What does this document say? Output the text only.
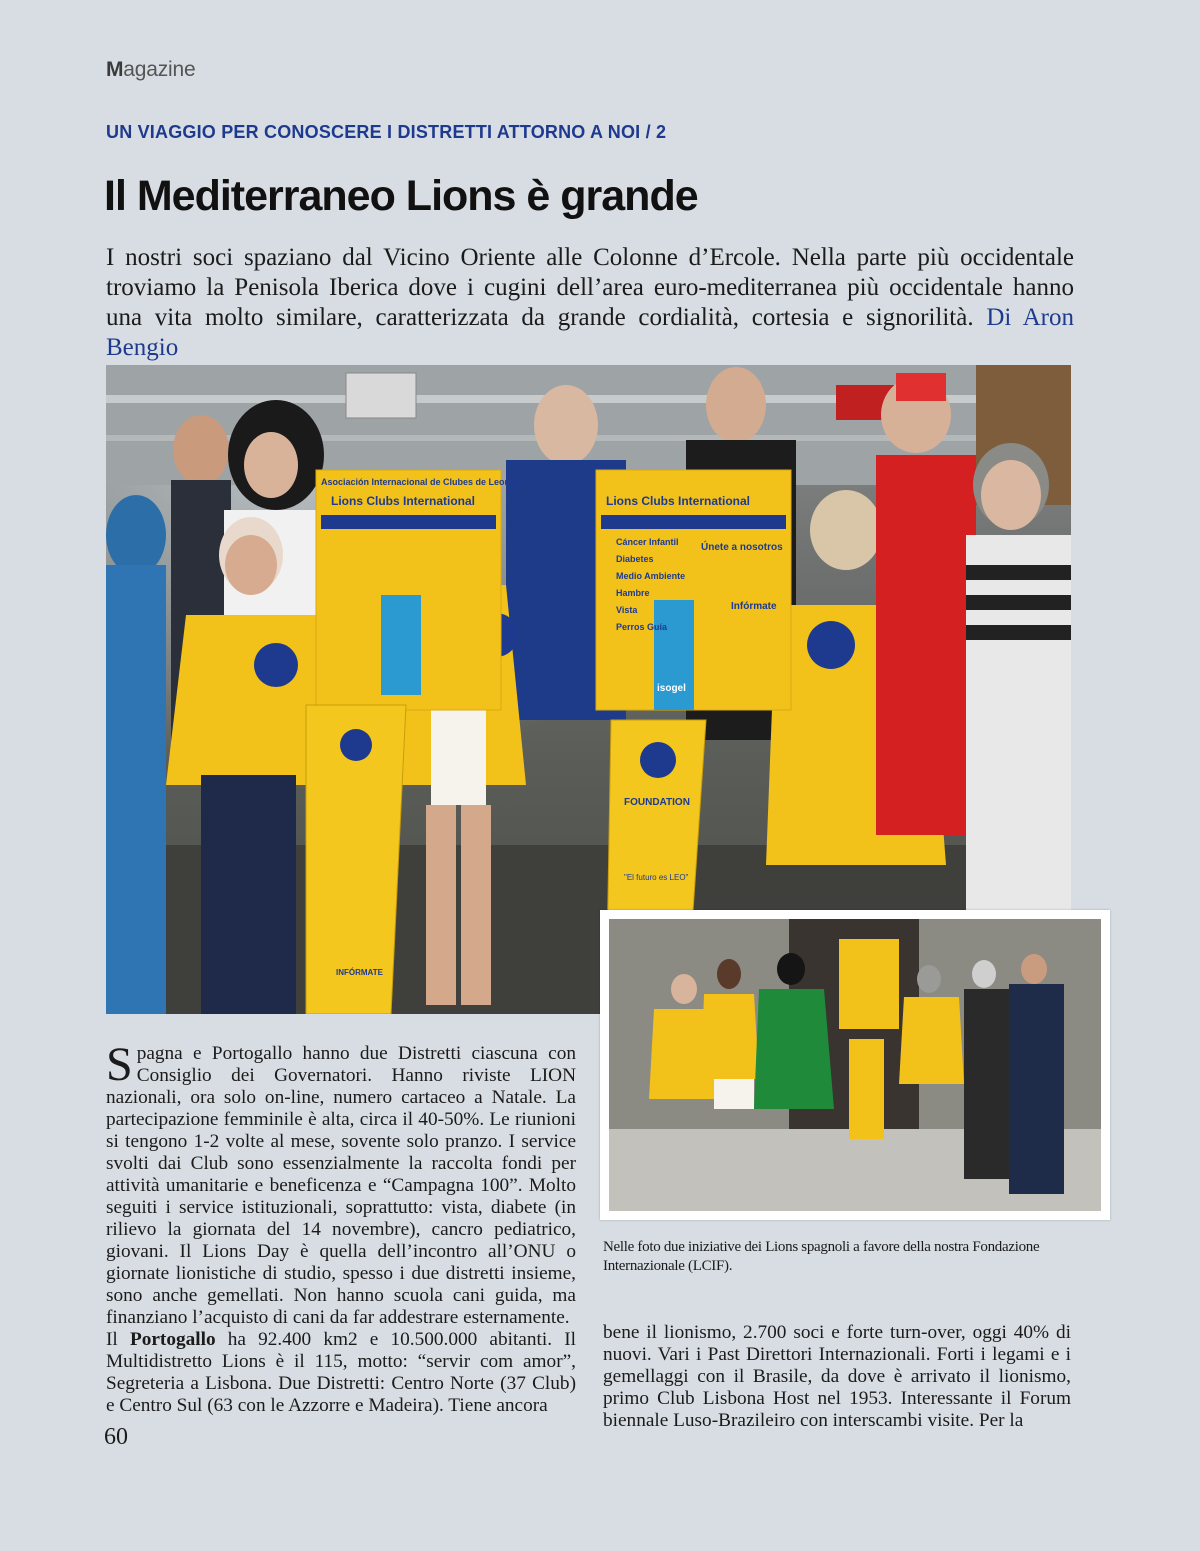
Magazine
UN VIAGGIO PER CONOSCERE I DISTRETTI ATTORNO A NOI / 2
Il Mediterraneo Lions è grande
I nostri soci spaziano dal Vicino Oriente alle Colonne d’Ercole. Nella parte più occidentale troviamo la Penisola Iberica dove i cugini dell’area euro-mediterranea più occidentale hanno una vita molto similare, caratterizzata da grande cordialità, cortesia e signorilità. Di Aron Bengio
Asociación Internacional de Clubes de Leones
Lions Clubs International	Lions Clubs International
Únete a nosotros
Cáncer Infantil
Diabetes
Medio Ambiente
Hambre
Vista
Perros Guía
Infórmate
isogel
FOUNDATION
"El futuro es LEO"
INFÓRMATE
Nelle foto due iniziative dei Lions spagnoli a favore della nostra Fondazione Internazionale (LCIF).

Spagna e Portogallo hanno due Distretti ciascuna con Consiglio dei Governatori. Hanno riviste LION nazionali, ora solo on-line, numero cartaceo a Natale. La partecipazione femminile è alta, circa il 40-50%. Le riunioni si tengono 1-2 volte al mese, sovente solo pranzo. I service svolti dai Club sono essenzialmente la raccolta fondi per attività umanitarie e beneficenza e “Campagna 100”. Molto seguiti i service istituzionali, soprattutto: vista, diabete (in rilievo la giornata del 14 novembre), cancro pediatrico, giovani. Il Lions Day è quella dell’incontro all’ONU o giornate lionistiche di studio, spesso i due distretti insieme, sono anche gemellati. Non hanno scuola cani guida, ma finanziano l’acquisto di cani da far addestrare esternamente.

Il Portogallo ha 92.400 km2 e 10.500.000 abitanti. Il Multidistretto Lions è il 115, motto: “servir com amor”, Segreteria a Lisbona. Due Distretti: Centro Norte (37 Club) e Centro Sul (63 con le Azzorre e Madeira). Tiene ancora

bene il lionismo, 2.700 soci e forte turn-over, oggi 40% di nuovi. Vari i Past Direttori Internazionali. Forti i legami e i gemellaggi con il Brasile, da dove è arrivato il lionismo, primo Club Lisbona Host nel 1953. Interessante il Forum biennale Luso-Brazileiro con interscambi visite. Per la

60
